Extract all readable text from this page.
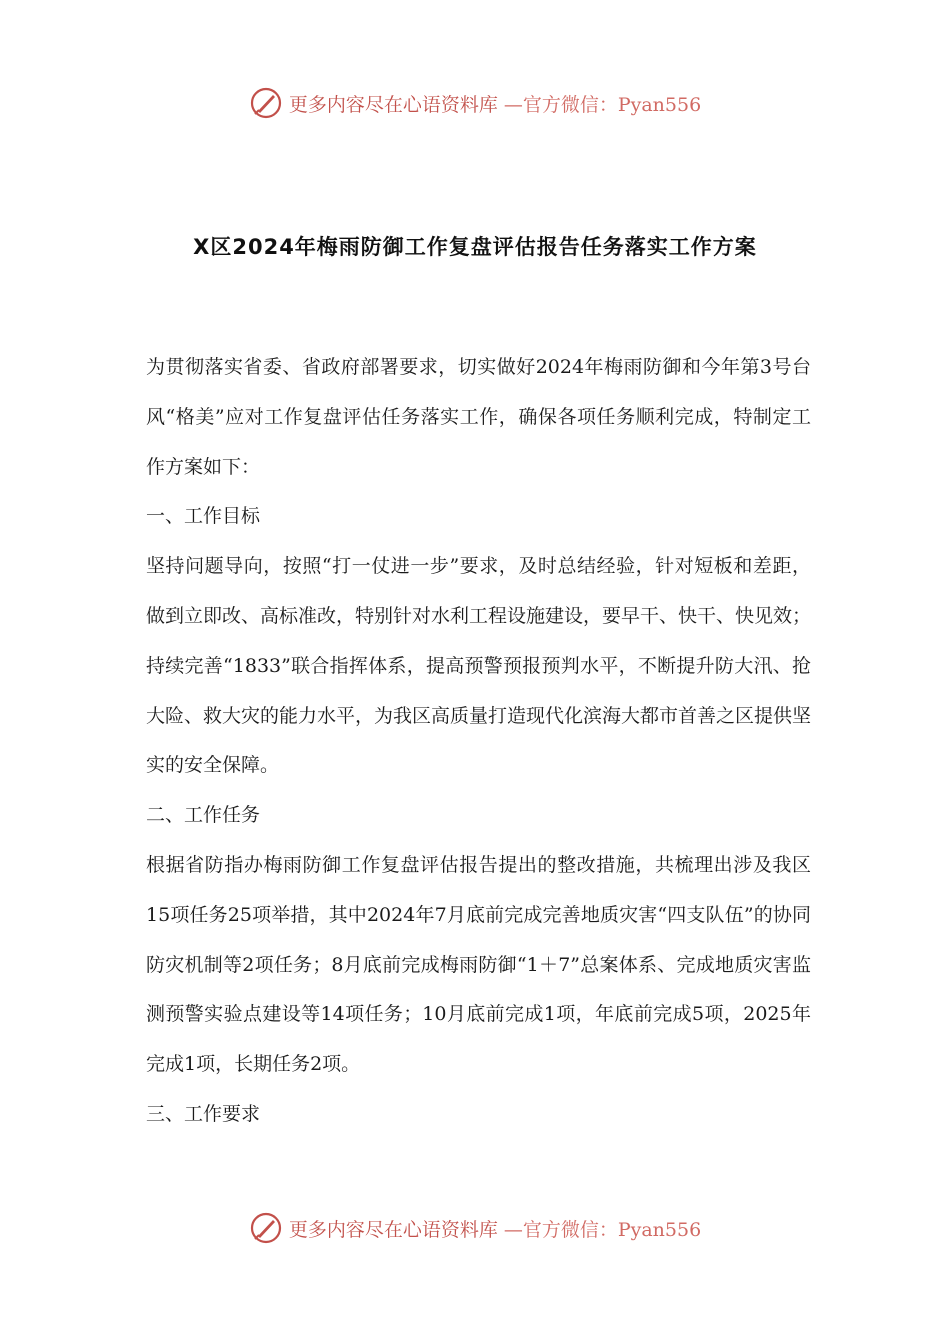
更多内容尽在心语资料库 —官方微信：Pyan556
X区2024年梅雨防御工作复盘评估报告任务落实工作方案

为贯彻落实省委、省政府部署要求，切实做好2024年梅雨防御和今年第3号台风“格美”应对工作复盘评估任务落实工作，确保各项任务顺利完成，特制定工作方案如下：

一、工作目标

坚持问题导向，按照“打一仗进一步”要求，及时总结经验，针对短板和差距，做到立即改、高标准改，特别针对水利工程设施建设，要早干、快干、快见效；持续完善“1833”联合指挥体系，提高预警预报预判水平，不断提升防大汛、抢大险、救大灾的能力水平，为我区高质量打造现代化滨海大都市首善之区提供坚实的安全保障。

二、工作任务

根据省防指办梅雨防御工作复盘评估报告提出的整改措施，共梳理出涉及我区15项任务25项举措，其中2024年7月底前完成完善地质灾害“四支队伍”的协同防灾机制等2项任务；8月底前完成梅雨防御“1＋7”总案体系、完成地质灾害监测预警实验点建设等14项任务；10月底前完成1项，年底前完成5项，2025年完成1项，长期任务2项。

三、工作要求

更多内容尽在心语资料库 —官方微信：Pyan556
